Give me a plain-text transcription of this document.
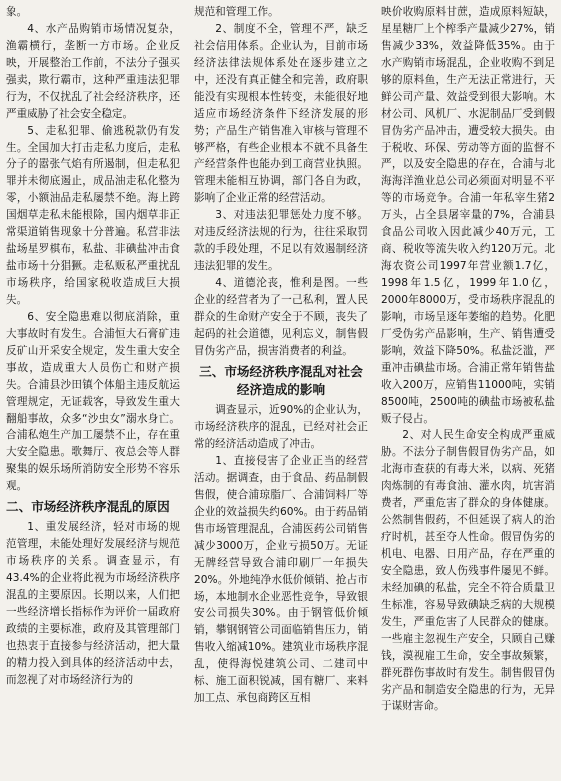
象。

4、水产品购销市场情况复杂，渔霸横行，垄断一方市场。企业反映，开展整治工作前，不法分子强买强卖，欺行霸市，这种严重违法犯罪行为，不仅扰乱了社会经济秩序，还严重威胁了社会安全稳定。

5、走私犯罪、偷逃税款仍有发生。全国加大打击走私力度后，走私分子的嚣张气焰有所遏制，但走私犯罪并未彻底遏止，成品油走私化整为零，小额油品走私屡禁不绝。海上跨国烟草走私未能根除，国内烟草非正常渠道销售现象十分普遍。私营非法盐场星罗棋布，私盐、非碘盐冲击食盐市场十分猖獗。走私贩私严重扰乱市场秩序，给国家税收造成巨大损失。

6、安全隐患难以彻底消除，重大事故时有发生。合浦恒大石膏矿违反矿山开采安全规定，发生重大安全事故，造成重大人员伤亡和财产损失。合浦县沙田镇个体船主违反航运管理规定，无证载客，导致发生重大翻船事故，众多“沙虫女”溺水身亡。合浦私炮生产加工屡禁不止，存在重大安全隐患。歌舞厅、夜总会等人群聚集的娱乐场所消防安全形势不容乐观。

二、市场经济秩序混乱的原因

1、重发展经济，轻对市场的规范管理，未能处理好发展经济与规范市场秩序的关系。调查显示，有43.4%的企业将此视为市场经济秩序混乱的主要原因。长期以来，人们把一些经济增长指标作为评价一届政府政绩的主要标准，政府及其管理部门也热衷于直接参与经济活动，把大量的精力投入到具体的经济活动中去，而忽视了对市场经济行为的

规范和管理工作。

2、制度不全，管理不严，缺乏社会信用体系。企业认为，目前市场经济法律法规体系处在逐步建立之中，还没有真正健全和完善，政府职能没有实现根本性转变，未能很好地适应市场经济条件下经济发展的形势；产品生产销售准入审核与管理不够严格，有些企业根本不就不具备生产经营条件也能办到工商营业执照。管理未能相互协调，部门各自为政，影响了企业正常的经营活动。

3、对违法犯罪惩处力度不够。对违反经济法规的行为，往往采取罚款的手段处理，不足以有效遏制经济违法犯罪的发生。

4、道德沦丧，惟利是图。一些企业的经营者为了一己私利，置人民群众的生命财产安全于不顾，丧失了起码的社会道德，见利忘义，制售假冒伪劣产品，损害消费者的利益。

三、市场经济秩序混乱对社会经济造成的影响

调查显示，近90%的企业认为，市场经济秩序的混乱，已经对社会正常的经济活动造成了冲击。

1、直接侵害了企业正当的经营活动。据调查，由于食品、药品制假售假，使合浦琼脂厂、合浦饲料厂等企业的效益损失约60%。由于药品销售市场管理混乱，合浦医药公司销售减少3000万，企业亏损50万。无证无牌经营导致合浦印刷厂一年损失20%。外地纯净水低价倾销、抢占市场，本地制水企业恶性竞争，导致银安公司损失30%。由于钢管低价倾销，攀钢钢管公司面临销售压力，销售收入缩减10%。建筑业市场秩序混乱，使得海悦建筑公司、二建司中标、施工面积锐减，国有糖厂、来料加工点、承包商跨区互相

映价收购原料甘蔗，造成原料短缺，星星糖厂上个榨季产量减少27%，销售减少33%，效益降低35%。由于水产购销市场混乱，企业收购不到足够的原料鱼，生产无法正常进行，天鲜公司产量、效益受到很大影响。木材公司、风机厂、水泥制品厂受到假冒伪劣产品冲击，遭受较大损失。由于税收、环保、劳动等方面的监督不严，以及安全隐患的存在，合浦与北海海洋渔业总公司必须面对明显不平等的市场竞争。合浦一年私宰生猪2万头，占全县屠宰量的7%，合浦县食品公司收入因此减少40万元，工商、税收等流失收入约120万元。北海农资公司1997年营业额1.7亿，1998年1.5亿，1999年1.0亿，2000年8000万，受市场秩序混乱的影响，市场呈逐年萎缩的趋势。化肥厂受伪劣产品影响，生产、销售遭受影响，效益下降50%。私盐泛滥，严重冲击碘盐市场。合浦正常年销售盐收入200万，应销售11000吨，实销8500吨，2500吨的碘盐市场被私盐贩子侵占。

2、对人民生命安全构成严重威胁。不法分子制售假冒伪劣产品，如北海市查获的有毒大米，以病、死猪肉炼制的有毒食油、灌水肉，坑害消费者，严重危害了群众的身体健康。公然制售假药，不但延误了病人的治疗时机，甚至夺人性命。假冒伪劣的机电、电器、日用产品，存在严重的安全隐患，致人伤残事件屡见不鲜。未经加碘的私盐，完全不符合质量卫生标准，容易导致碘缺乏病的大规模发生，严重危害了人民群众的健康。一些雇主忽视生产安全，只顾自己赚钱，漠视雇工生命，安全事故频繁，群死群伤事故时有发生。制售假冒伪劣产品和制造安全隐患的行为，无异于谋财害命。
